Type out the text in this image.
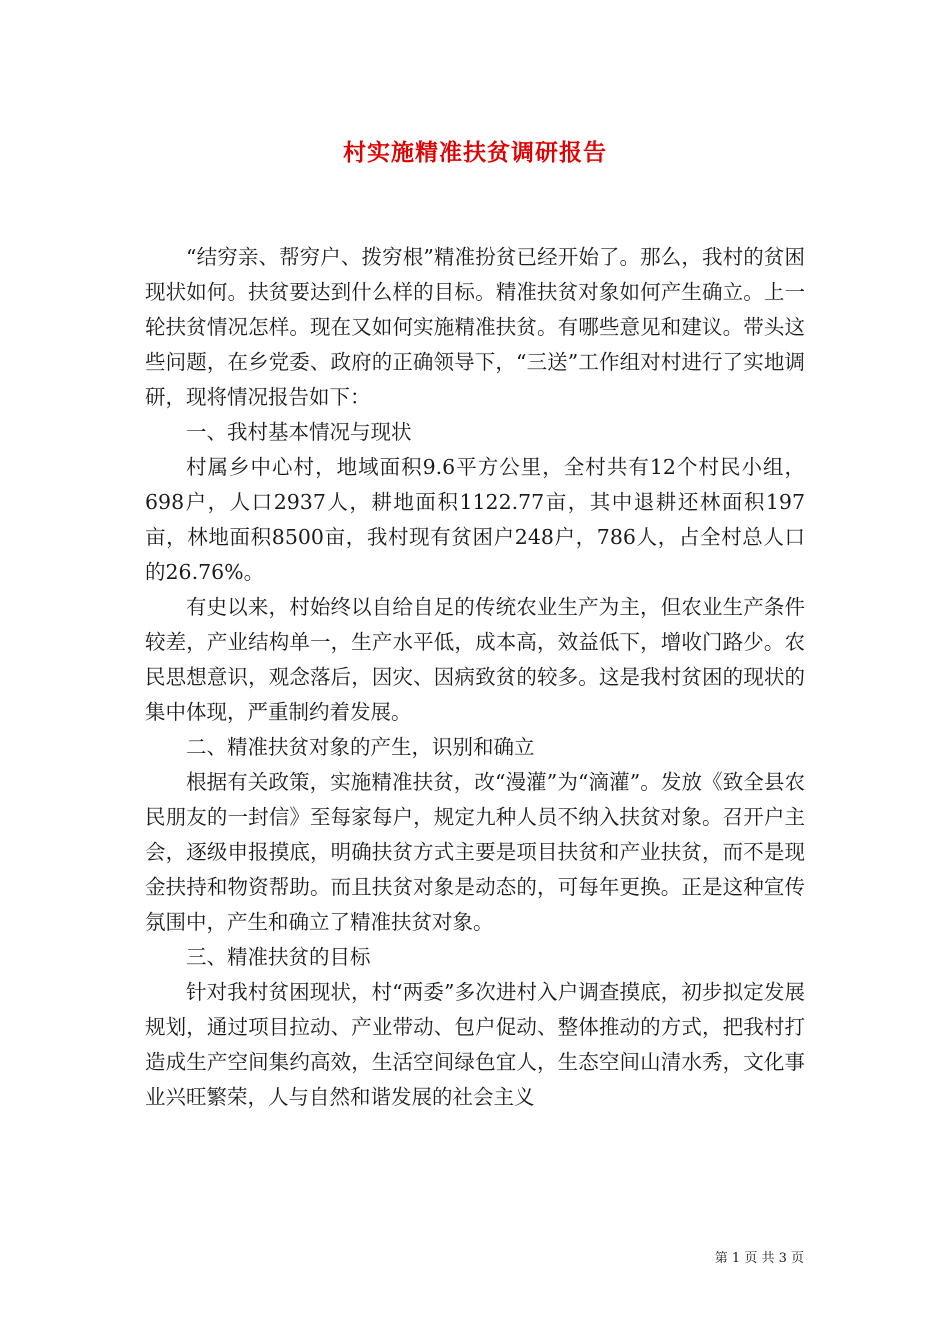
村实施精准扶贫调研报告

“结穷亲、帮穷户、拨穷根”精准扮贫已经开始了。那么，我村的贫困现状如何。扶贫要达到什么样的目标。精准扶贫对象如何产生确立。上一轮扶贫情况怎样。现在又如何实施精准扶贫。有哪些意见和建议。带头这些问题，在乡党委、政府的正确领导下，“三送”工作组对村进行了实地调研，现将情况报告如下：

一、我村基本情况与现状

村属乡中心村，地域面积9.6平方公里，全村共有12个村民小组，698户，人口2937人，耕地面积1122.77亩，其中退耕还林面积197亩，林地面积8500亩，我村现有贫困户248户，786人，占全村总人口的26.76%。

有史以来，村始终以自给自足的传统农业生产为主，但农业生产条件较差，产业结构单一，生产水平低，成本高，效益低下，增收门路少。农民思想意识，观念落后，因灾、因病致贫的较多。这是我村贫困的现状的集中体现，严重制约着发展。

二、精准扶贫对象的产生，识别和确立

根据有关政策，实施精准扶贫，改“漫灌”为“滴灌”。发放《致全县农民朋友的一封信》至每家每户，规定九种人员不纳入扶贫对象。召开户主会，逐级申报摸底，明确扶贫方式主要是项目扶贫和产业扶贫，而不是现金扶持和物资帮助。而且扶贫对象是动态的，可每年更换。正是这种宣传氛围中，产生和确立了精准扶贫对象。

三、精准扶贫的目标

针对我村贫困现状，村“两委”多次进村入户调查摸底，初步拟定发展规划，通过项目拉动、产业带动、包户促动、整体推动的方式，把我村打造成生产空间集约高效，生活空间绿色宜人，生态空间山清水秀，文化事业兴旺繁荣，人与自然和谐发展的社会主义

第 1 页 共 3 页
